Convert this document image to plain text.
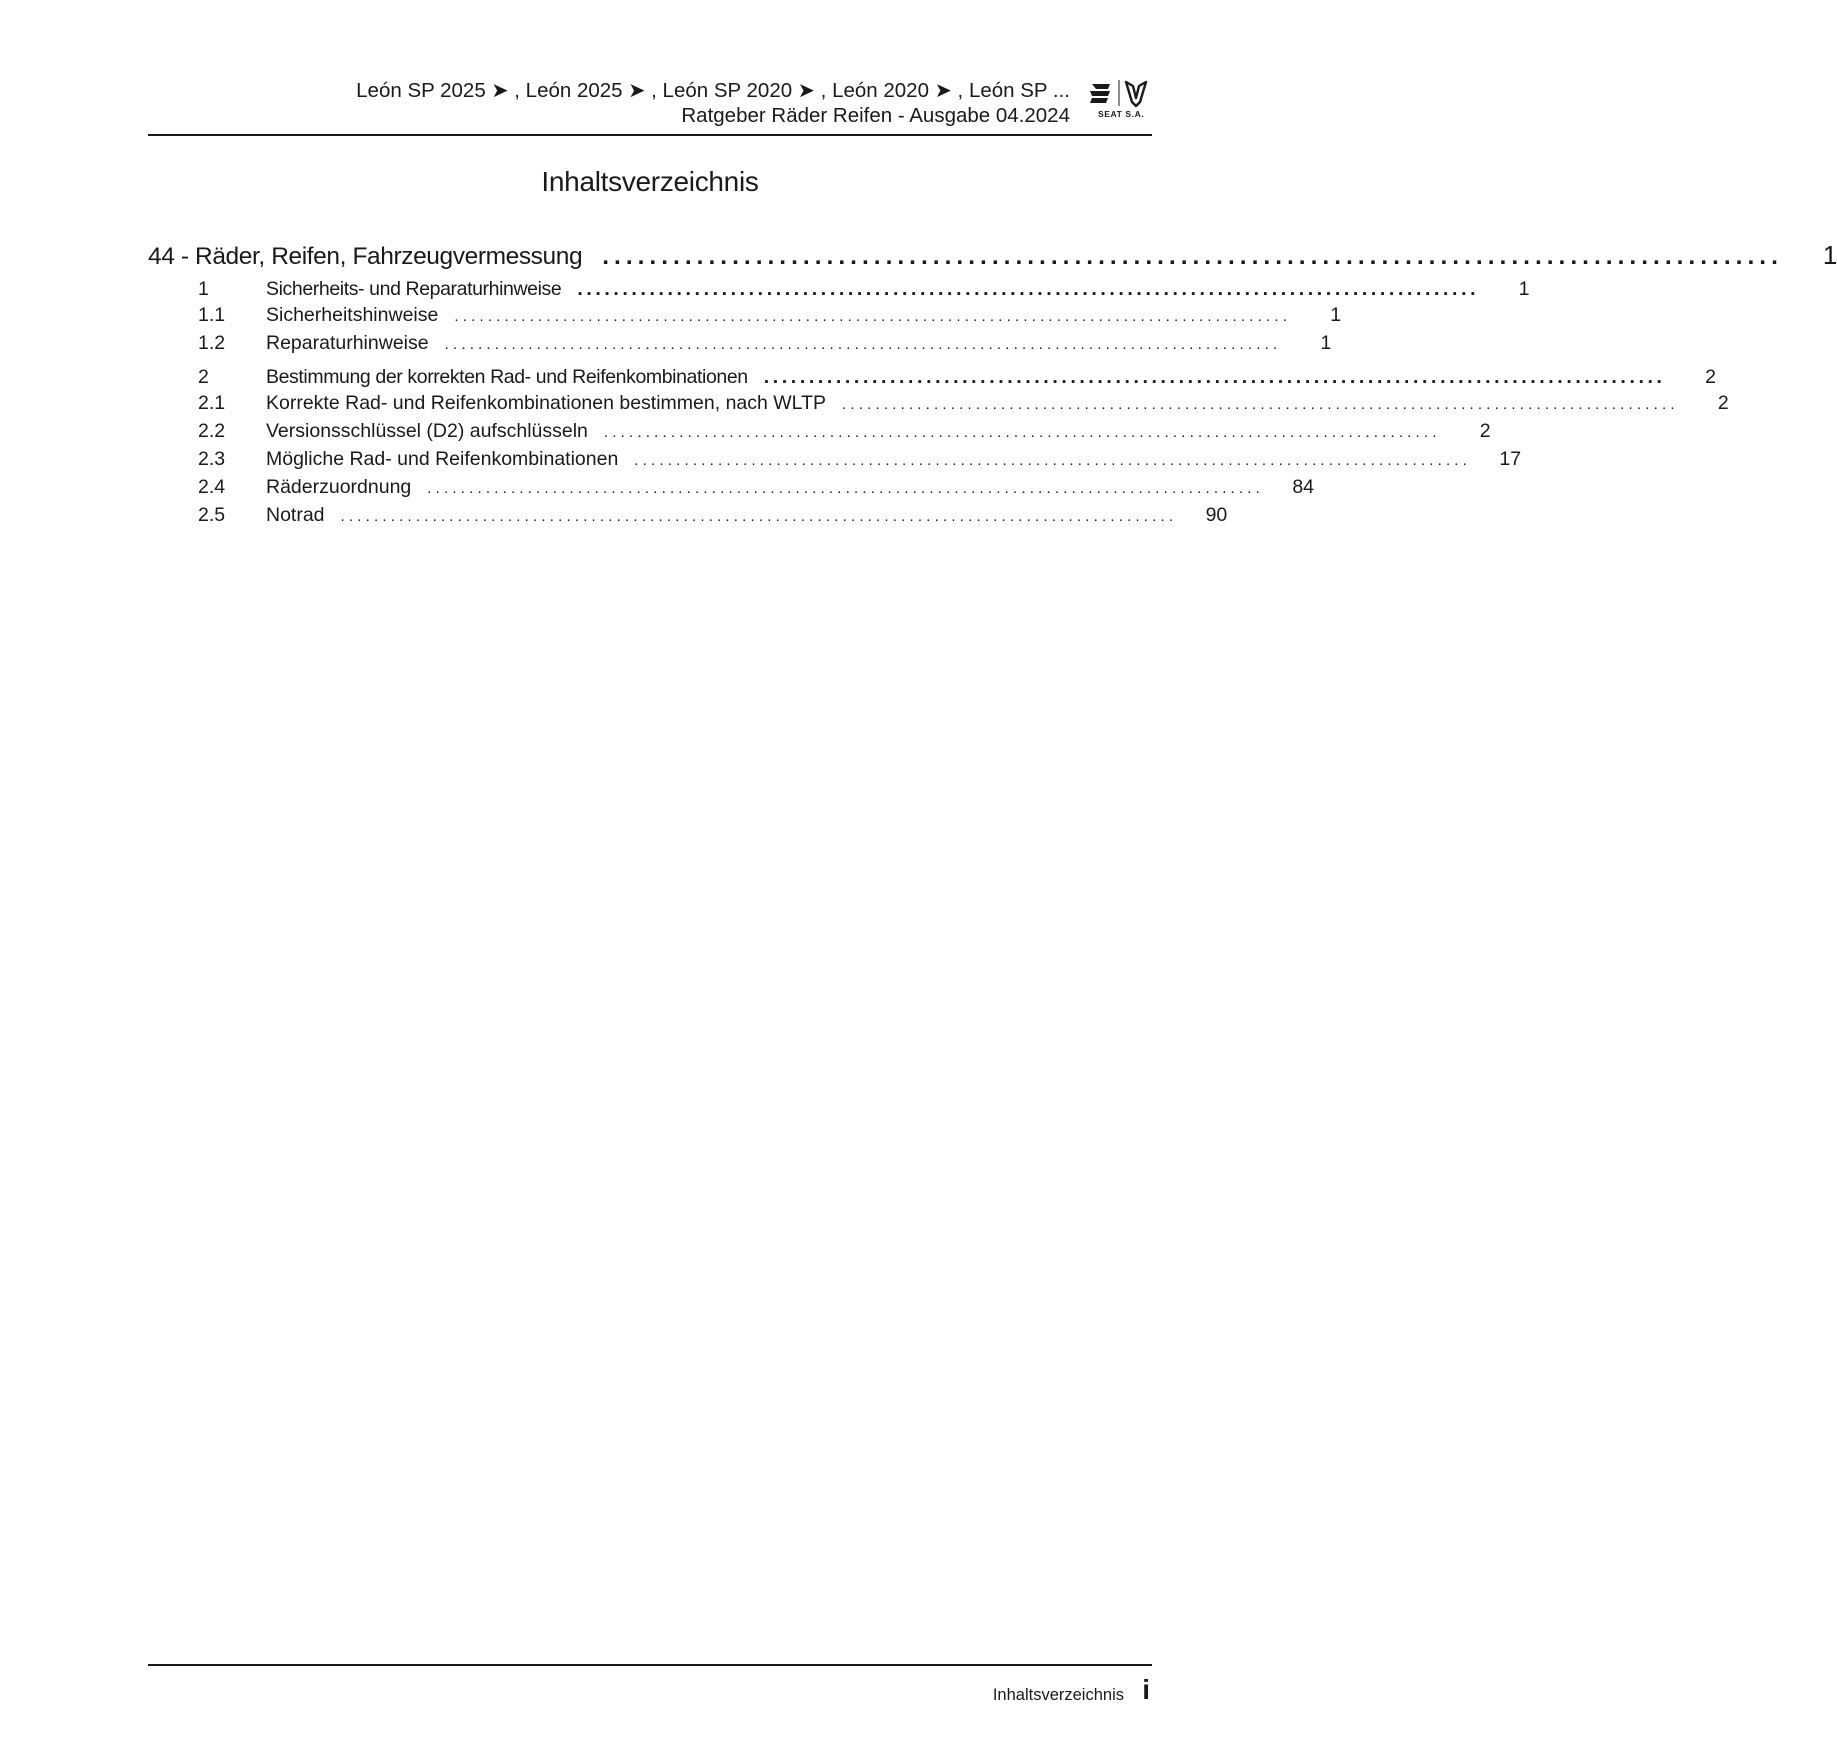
León SP 2025 ➤ , León 2025 ➤ , León SP 2020 ➤ , León 2020 ➤ , León SP ...
Ratgeber Räder Reifen - Ausgabe 04.2024	SEAT S.A.
Inhaltsverzeichnis
44 - Räder, Reifen, Fahrzeugvermessung ....................................................................................................	1
1	Sicherheits- und Reparaturhinweise ....................................................................................................	1
1.1	Sicherheitshinweise ....................................................................................................	1
1.2	Reparaturhinweise ....................................................................................................	1
2	Bestimmung der korrekten Rad- und Reifenkombinationen ....................................................................................................	2
2.1	Korrekte Rad- und Reifenkombinationen bestimmen, nach WLTP ....................................................................................................	2
2.2	Versionsschlüssel (D2) aufschlüsseln ....................................................................................................	2
2.3	Mögliche Rad- und Reifenkombinationen ....................................................................................................	17
2.4	Räderzuordnung ....................................................................................................	84
2.5	Notrad ....................................................................................................	90
Inhaltsverzeichnis i
